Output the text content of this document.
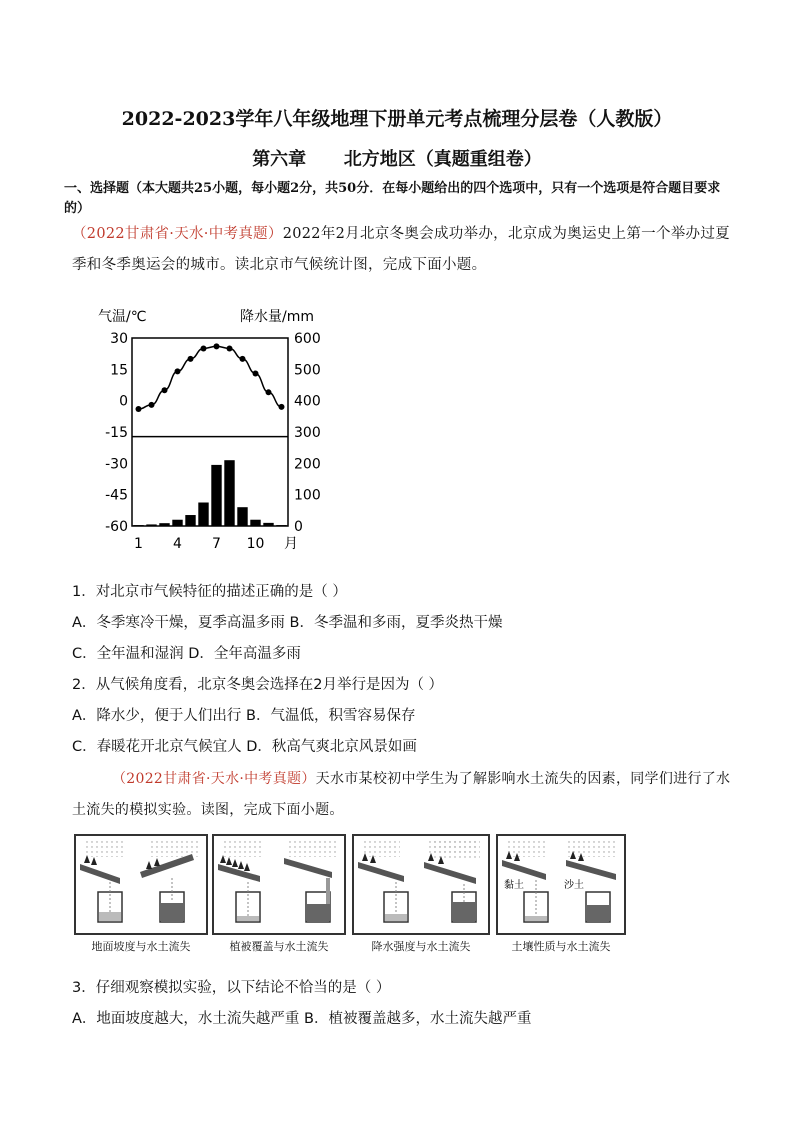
2022-2023学年八年级地理下册单元考点梳理分层卷（人教版）
第六章      北方地区（真题重组卷）
一、选择题（本大题共25小题，每小题2分，共50分．在每小题给出的四个选项中，只有一个选项是符合题目要求的）
（2022甘肃省·天水·中考真题）2022年2月北京冬奥会成功举办，北京成为奥运史上第一个举办过夏季和冬季奥运会的城市。读北京市气候统计图，完成下面小题。
气温/℃	降水量/mm
30
15
0
-15
-30
-45
-60
600
500
400
300
200
100
0
1 4 7 10 月
1．对北京市气候特征的描述正确的是（ ）
A．冬季寒冷干燥，夏季高温多雨 B．冬季温和多雨，夏季炎热干燥
C．全年温和湿润 D．全年高温多雨
2．从气候角度看，北京冬奥会选择在2月举行是因为（ ）
A．降水少，便于人们出行 B．气温低，积雪容易保存
C．春暖花开北京气候宜人 D．秋高气爽北京风景如画
（2022甘肃省·天水·中考真题）天水市某校初中学生为了解影响水土流失的因素，同学们进行了水土流失的模拟实验。读图，完成下面小题。
地面坡度与水土流失	植被覆盖与水土流失	降水强度与水土流失
黏土	沙土
土壤性质与水土流失
3．仔细观察模拟实验，以下结论不恰当的是（ ）
A．地面坡度越大，水土流失越严重 B．植被覆盖越多，水土流失越严重
